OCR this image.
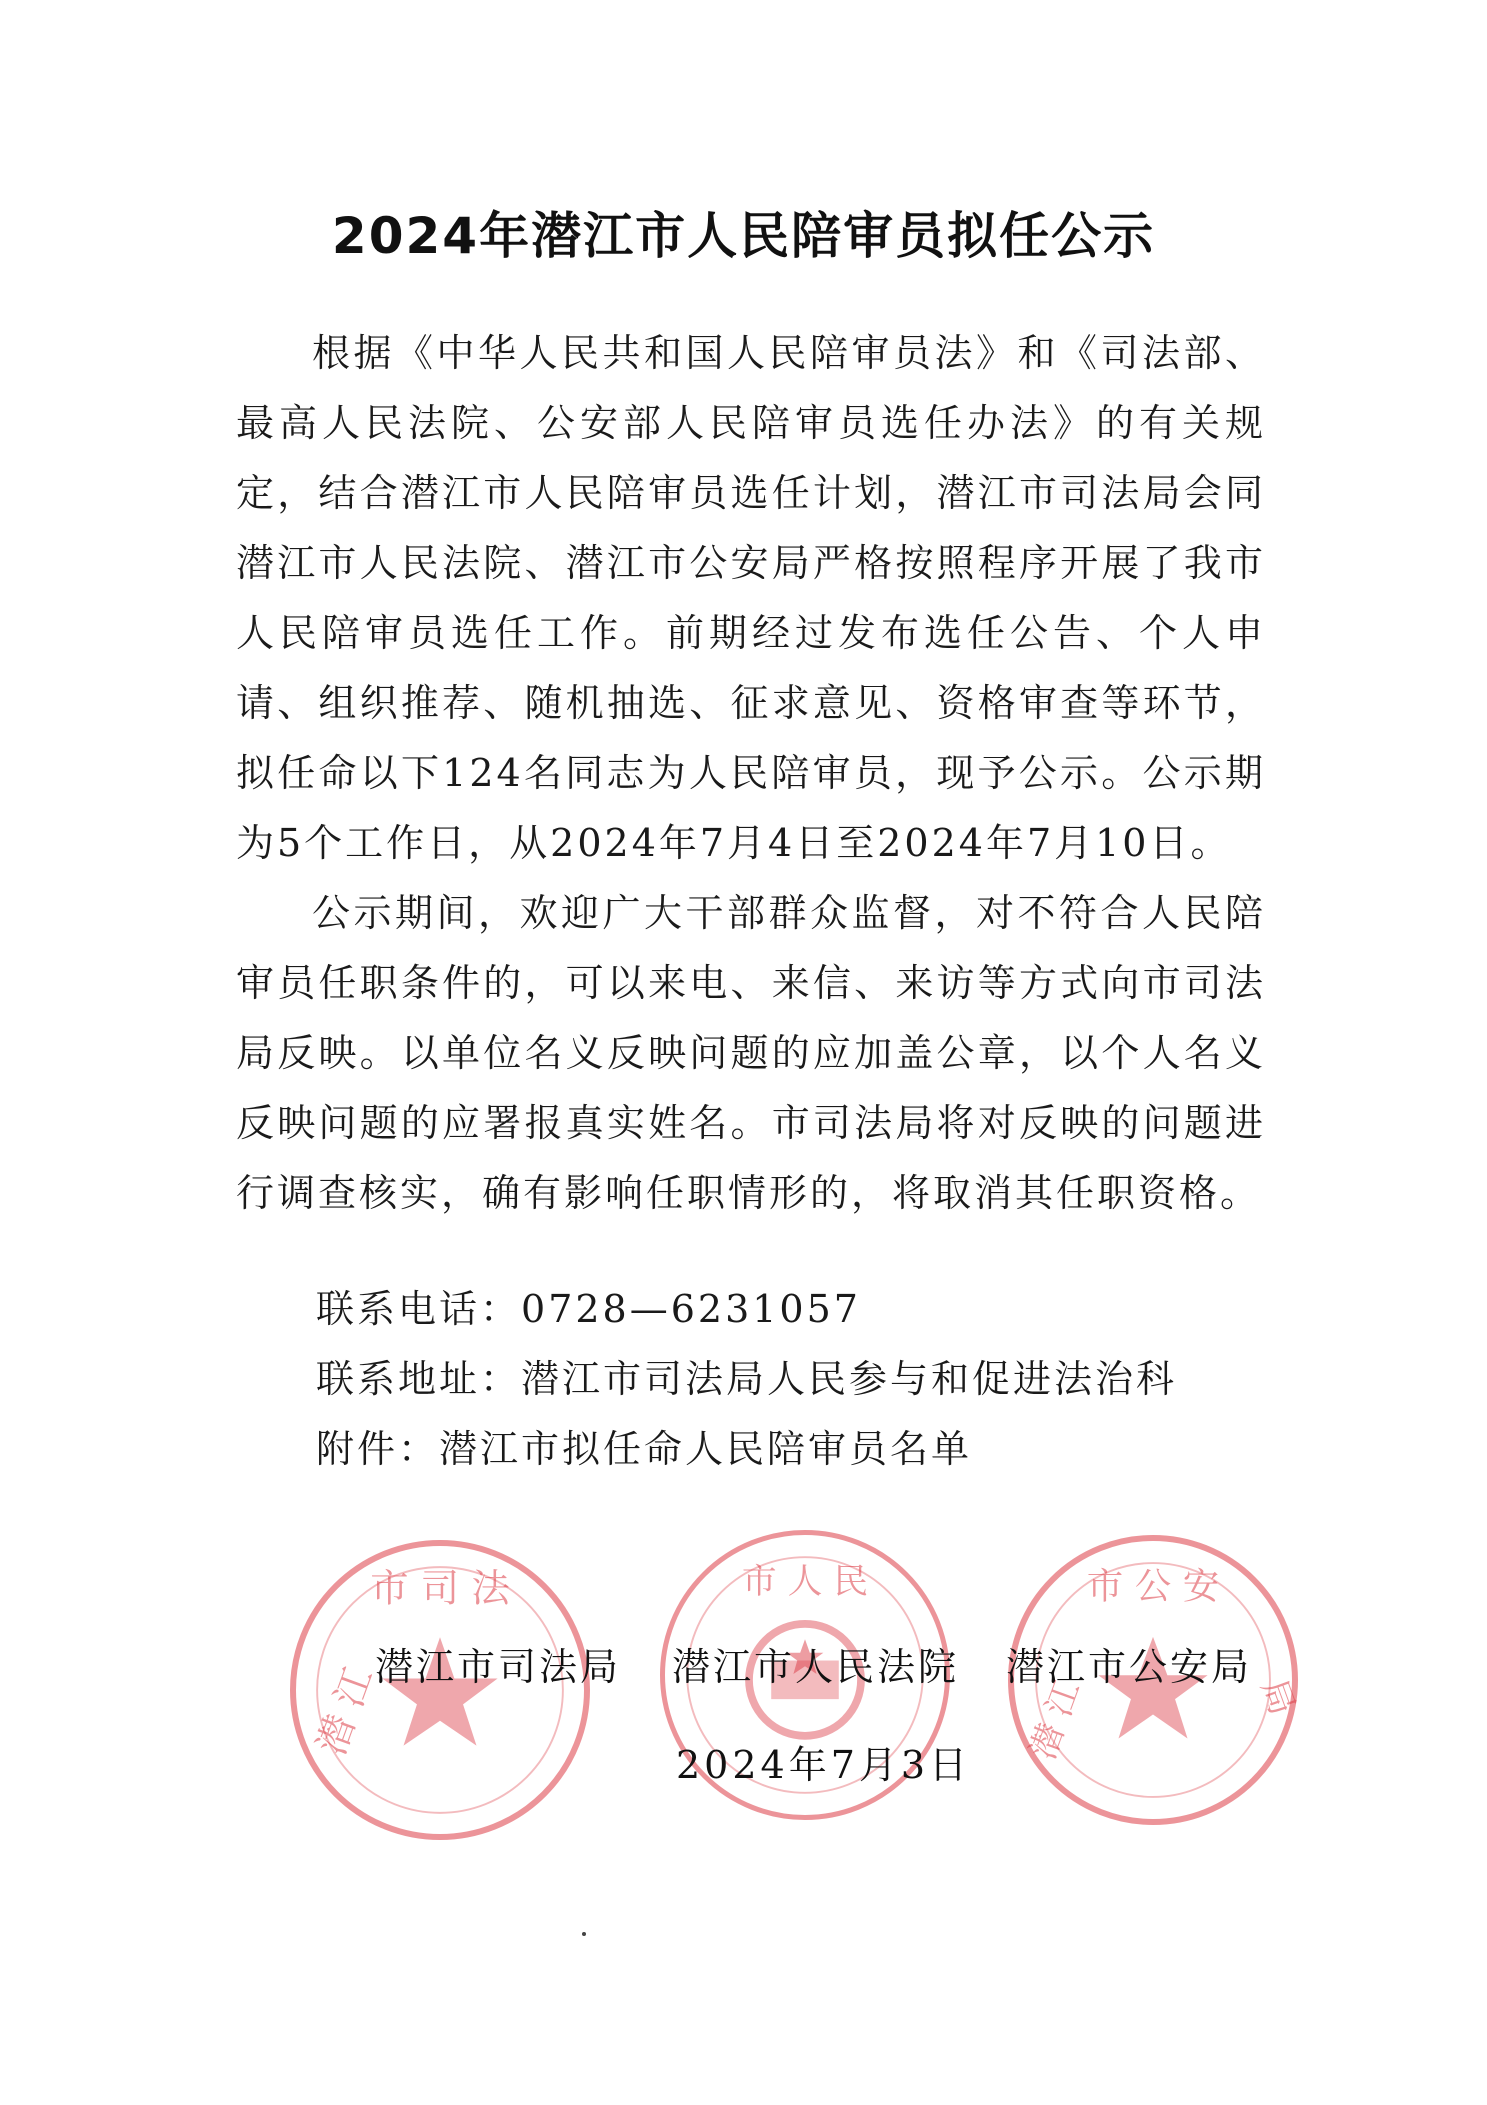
2024年潜江市人民陪审员拟任公示

根据《中华人民共和国人民陪审员法》和《司法部、最高人民法院、公安部人民陪审员选任办法》的有关规定，结合潜江市人民陪审员选任计划，潜江市司法局会同潜江市人民法院、潜江市公安局严格按照程序开展了我市人民陪审员选任工作。前期经过发布选任公告、个人申请、组织推荐、随机抽选、征求意见、资格审查等环节，拟任命以下124名同志为人民陪审员，现予公示。公示期为5个工作日，从2024年7月4日至2024年7月10日。

公示期间，欢迎广大干部群众监督，对不符合人民陪审员任职条件的，可以来电、来信、来访等方式向市司法局反映。以单位名义反映问题的应加盖公章，以个人名义反映问题的应署报真实姓名。市司法局将对反映的问题进行调查核实，确有影响任职情形的，将取消其任职资格。

联系电话：0728—6231057
联系地址：潜江市司法局人民参与和促进法治科
附件：潜江市拟任命人民陪审员名单
市 司 法
潜 江
市 人 民	市 公 安
潜 江	局
潜江市司法局 潜江市人民法院 潜江市公安局
2024年7月3日
